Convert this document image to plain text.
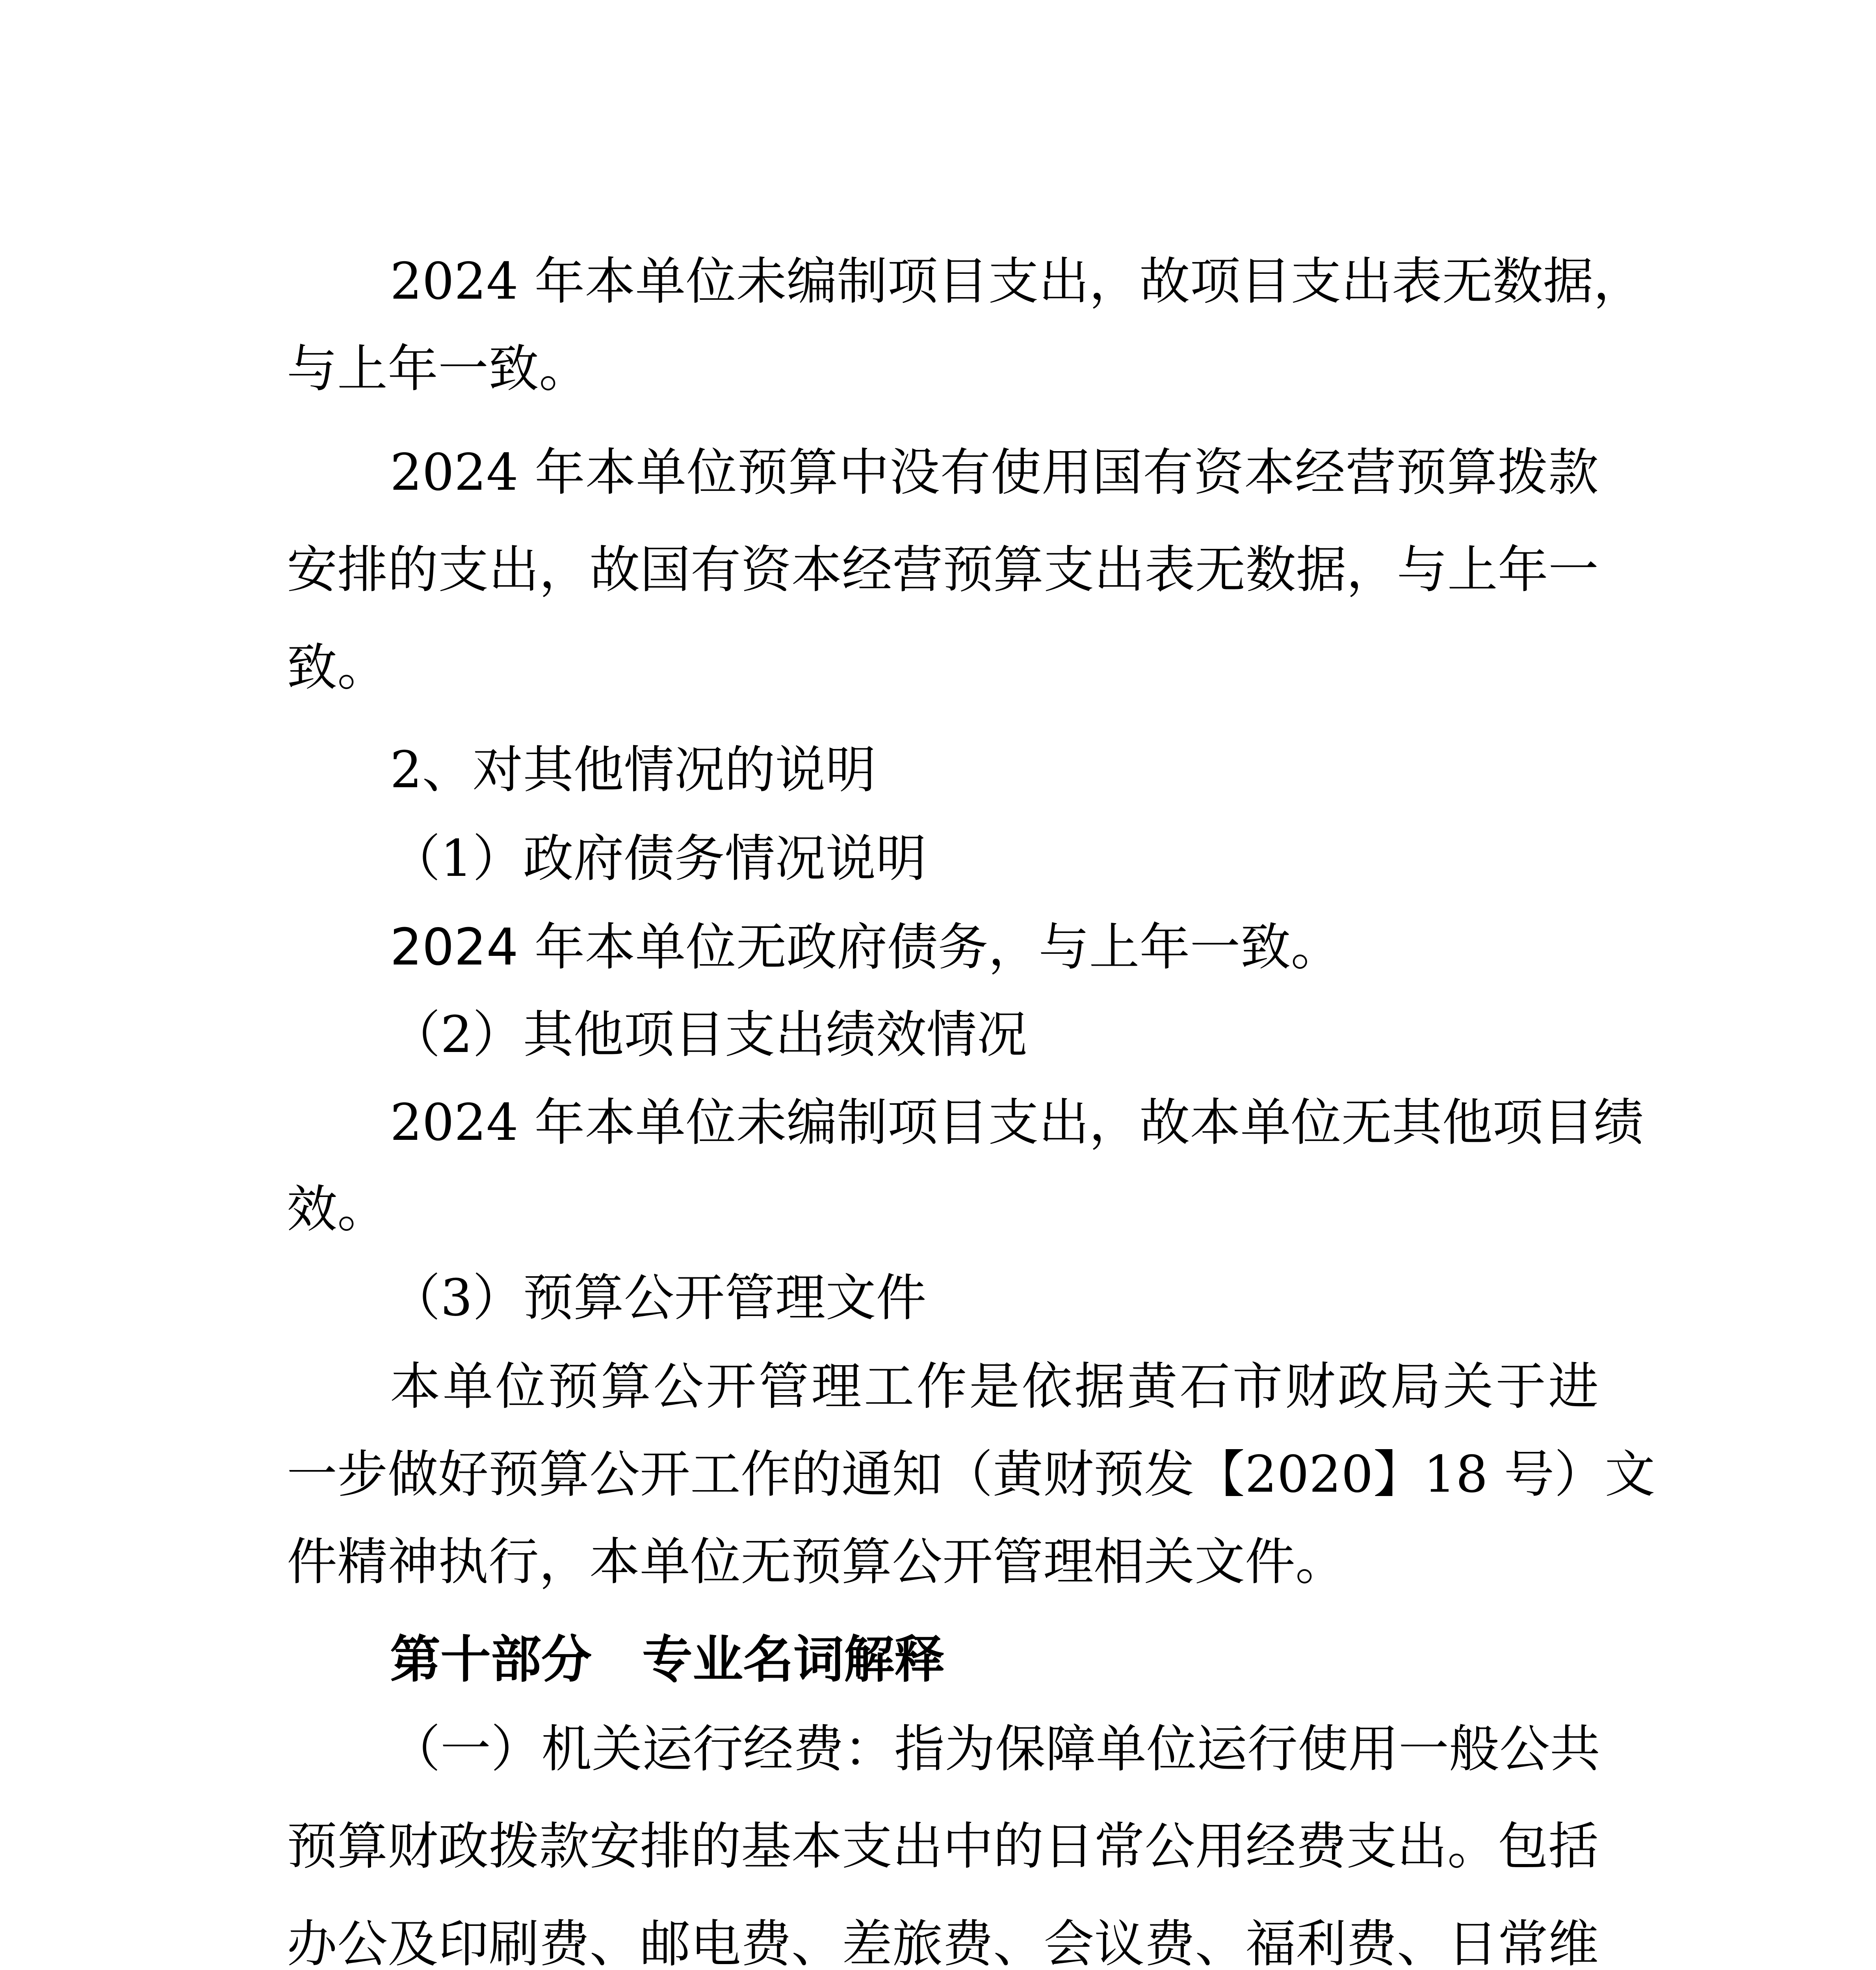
2024 年本单位未编制项目支出，故项目支出表无数据，
与上年一致。
2024 年本单位预算中没有使用国有资本经营预算拨款
安排的支出，故国有资本经营预算支出表无数据，与上年一
致。
2、对其他情况的说明
（1）政府债务情况说明
2024 年本单位无政府债务，与上年一致。
（2）其他项目支出绩效情况
2024 年本单位未编制项目支出，故本单位无其他项目绩
效。
（3）预算公开管理文件
本单位预算公开管理工作是依据黄石市财政局关于进
一步做好预算公开工作的通知（黄财预发【2020】18 号）文
件精神执行，本单位无预算公开管理相关文件。
第十部分　专业名词解释
（一）机关运行经费：指为保障单位运行使用一般公共
预算财政拨款安排的基本支出中的日常公用经费支出。包括
办公及印刷费、邮电费、差旅费、会议费、福利费、日常维
